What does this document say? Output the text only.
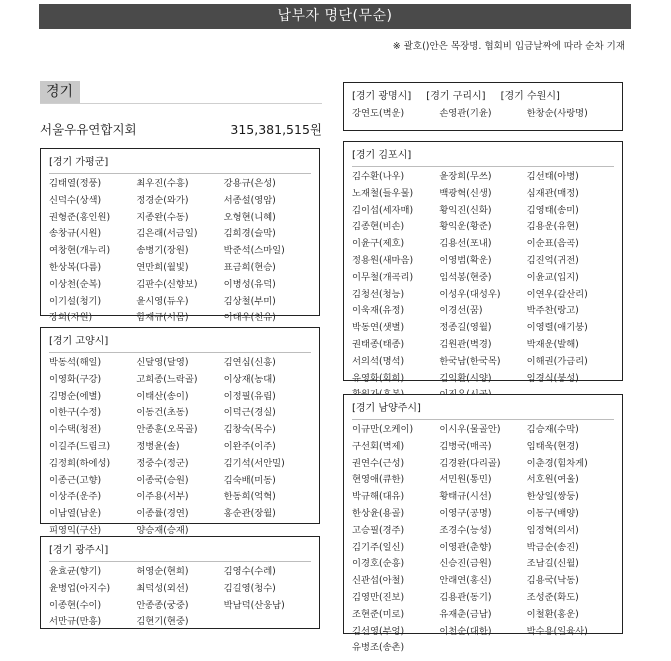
납부자 명단(무순)
※ 괄호()안은 목장명. 협회비 입금날짜에 따라 순차 기재
경기
서울우유연합지회	315,381,515원
[경기 가평군]
김태열(정풍)	최우진(수흥)	강용규(은성)
신덕수(상색)	정경순(와가)	서종설(영암)
권형준(홍인원)	지종완(수동)	오형현(니혜)
송창규(시원)	김은래(서금일)	김희경(슬막)
여창현(개누리)	송병기(장원)	박준석(스마일)
한상복(다름)	연만희(월빛)	표금희(현승)
이상천(순복)	김판수(신향보)	이병성(유덕)
이기설(청기)	윤시영(듀우)	김상철(부미)
장희(자원)	함재규(서몸)	이대우(천유)
[경기 고양시]
박동석(해일)	신달영(달영)	김연심(신흥)
이영화(구강)	고희종(느락골)	이상재(농대)
김명순(에별)	이태산(송이)	이정필(유림)
이한구(수정)	이동건(초동)	이덕근(경실)
이수택(청전)	안종훈(오목골)	김창숙(목수)
이길주(드림크)	정병윤(솔)	이완주(이주)
김정희(하에성)	정중수(정군)	김기석(서안밀)
이종근(고향)	이종국(승원)	김숙배(미동)
이상주(운주)	이주용(서부)	한동희(억혁)
이남열(남운)	이종률(경연)	홍순관(장월)
피영익(구산)	양승재(승재)
[경기 광주시]
윤효균(향기)	허영순(현희)	김영수(수레)
윤병업(아지수)	최덕성(외선)	김길영(청수)
이종현(수이)	안종종(궁중)	박남덕(산웅남)
서만규(만흥)	김현기(현중)
[경기 광명시] [경기 구리시] [경기 수원시]
강연도(벽운)	손영관(기윤)	한창순(사랑명)
[경기 김포시]
김수환(나우)	윤장희(무쓰)	김선태(아병)
노재철(들우물)	백광혁(신생)	심재관(매정)
김이섭(세자매)	황익진(신화)	김영태(송미)
김종현(비손)	황익운(황준)	김용운(유현)
이윤구(제호)	김용선(포내)	이순표(음곡)
정용원(새마음)	이영범(확운)	김진억(귀전)
이무철(개곡리)	임석봉(현중)	이윤교(입지)
김청선(청능)	이성우(대성우)	이연우(갈산리)
이욱재(유정)	이경선(꿈)	박주찬(랑고)
박동연(샛별)	정종길(영월)	이영렬(애기붕)
권태종(태종)	김원관(벽경)	박재운(발해)
서의석(명석)	한국남(한국목)	이해권(가금리)
유영화(회희)	김익환(시양)	임경식(붕성)
[경기 남양주시]
이규만(오케이)	이시우(물골안)	김승재(수막)
구선회(벽제)	김병국(매곡)	임태욱(현경)
권연수(근성)	김경완(다리골)	이춘경(힘차게)
현영애(큐한)	서민원(통민)	서호원(여울)
박규해(대유)	황태규(시선)	한상일(쌍둥)
한상윤(용골)	이영구(공명)	이동구(배양)
고승필(경주)	조경수(능성)	임정혁(의서)
김기주(일신)	이영관(춘향)	박금순(송진)
이경호(순흥)	신승진(금원)	조남길(신월)
신관섭(아철)	안래연(홍신)	김용국(낙동)
김영만(진보)	김용관(동기)	조성준(화도)
조현준(미로)	유재춘(금남)	이철환(홍운)
김선영(부엉)	이천순(대한)	박수용(일육사)
유병조(송촌)
